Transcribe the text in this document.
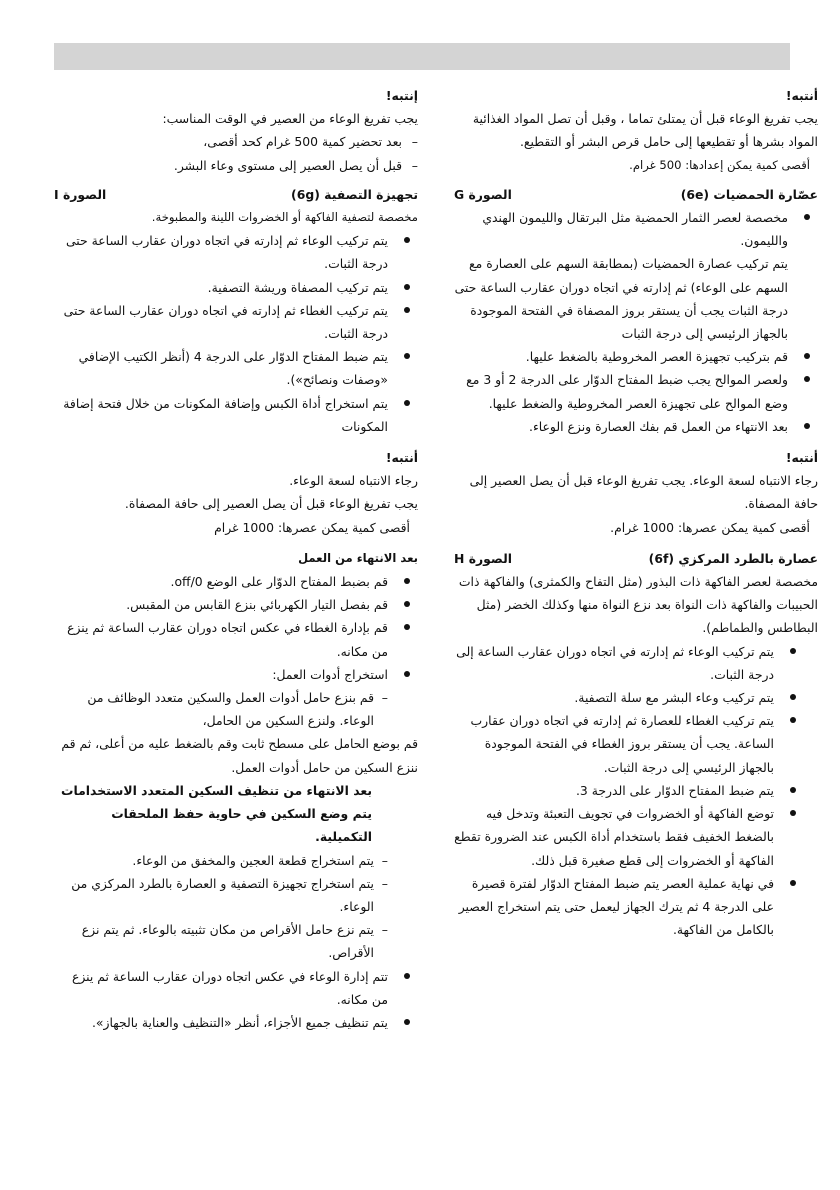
أنتبه!

يجب تفريغ الوعاء قبل أن يمتلئ تماما ، وقبل أن تصل المواد الغذائية المواد بشرها أو تقطيعها إلى حامل قرص البشر أو التقطيع.

أقصى كمية يمكن إعدادها: 500 غرام.

عصّارة الحمضيات (6e)
الصورة G
مخصصة لعصر الثمار الحمضية مثل البرتقال والليمون الهندي والليمون.
يتم تركيب عصارة الحمضيات (بمطابقة السهم على العصارة مع السهم على الوعاء) ثم إدارته في اتجاه دوران عقارب الساعة حتى درجة الثبات يجب أن يستقر بروز المصفاة في الفتحة الموجودة بالجهاز الرئيسي إلى درجة الثبات
قم بتركيب تجهيزة العصر المخروطية بالضغط عليها.
ولعصر الموالح يجب ضبط المفتاح الدوّار على الدرجة 2 أو 3 مع وضع الموالح على تجهيزة العصر المخروطية والضغط عليها.
بعد الانتهاء من العمل قم بفك العصارة ونزع الوعاء.

أنتبه!

رجاء الانتباه لسعة الوعاء. يجب تفريغ الوعاء قبل أن يصل العصير إلى حافة المصفاة.

أقصى كمية يمكن عصرها: 1000 غرام.

عصارة بالطرد المركزي (6f)
الصورة H

مخصصة لعصر الفاكهة ذات البذور (مثل التفاح والكمثرى) والفاكهة ذات الحبيبات والفاكهة ذات النواة بعد نزع النواة منها وكذلك الخضر (مثل البطاطس والطماطم).

يتم تركيب الوعاء ثم إدارته في اتجاه دوران عقارب الساعة إلى درجة الثبات.
يتم تركيب وعاء البشر مع سلة التصفية.
يتم تركيب الغطاء للعصارة ثم إدارته في اتجاه دوران عقارب الساعة. يجب أن يستقر بروز الغطاء في الفتحة الموجودة بالجهاز الرئيسي إلى درجة الثبات.
يتم ضبط المفتاح الدوّار على الدرجة 3.
توضع الفاكهة أو الخضروات في تجويف التعبئة وتدخل فيه بالضغط الخفيف فقط باستخدام أداة الكبس عند الضرورة تقطع الفاكهة أو الخضروات إلى قطع صغيرة قبل ذلك.
في نهاية عملية العصر يتم ضبط المفتاح الدوّار لفترة قصيرة على الدرجة 4 ثم يترك الجهاز ليعمل حتى يتم استخراج العصير بالكامل من الفاكهة.

إنتبه!

يجب تفريغ الوعاء من العصير في الوقت المناسب:

– بعد تحضير كمية 500 غرام كحد أقصى،
– قبل أن يصل العصير إلى مستوى وعاء البشر.
تجهيزة التصفية (6g)
الصورة I

مخصصة لتصفية الفاكهة أو الخضروات اللينة والمطبوخة.

يتم تركيب الوعاء ثم إدارته في اتجاه دوران عقارب الساعة حتى درجة الثبات.
يتم تركيب المصفاة وريشة التصفية.
يتم تركيب الغطاء ثم إدارته في اتجاه دوران عقارب الساعة حتى درجة الثبات.
يتم ضبط المفتاح الدوّار على الدرجة 4 (أنظر الكتيب الإضافي «وصفات ونصائح»).
يتم استخراج أداة الكبس وإضافة المكونات من خلال فتحة إضافة المكونات

أنتبه!

رجاء الانتباه لسعة الوعاء.

يجب تفريغ الوعاء قبل أن يصل العصير إلى حافة المصفاة.

أقصى كمية يمكن عصرها: 1000 غرام

بعد الانتهاء من العمل

قم بضبط المفتاح الدوّار على الوضع off/0.
قم بفصل التيار الكهربائي بنزع القابس من المقبس.
قم بإدارة الغطاء في عكس اتجاه دوران عقارب الساعة ثم ينزع من مكانه.
استخراج أدوات العمل:

– قم بنزع حامل أدوات العمل والسكين متعدد الوظائف من الوعاء. ولنزع السكين من الحامل،

قم بوضع الحامل على مسطح ثابت وقم بالضغط عليه من أعلى، ثم قم ننزع السكين من حامل أدوات العمل.

بعد الانتهاء من تنظيف السكين المتعدد الاستخدامات يتم وضع السكين في حاوية حفظ الملحقات التكميلية.

– يتم استخراج قطعة العجين والمخفق من الوعاء.

– يتم استخراج تجهيزة التصفية و العصارة بالطرد المركزي من الوعاء.

– يتم نزع حامل الأقراص من مكان تثبيته بالوعاء. ثم يتم نزع الأقراص.

تتم إدارة الوعاء في عكس اتجاه دوران عقارب الساعة ثم ينزع من مكانه.
يتم تنظيف جميع الأجزاء، أنظر «التنظيف والعناية بالجهاز».
